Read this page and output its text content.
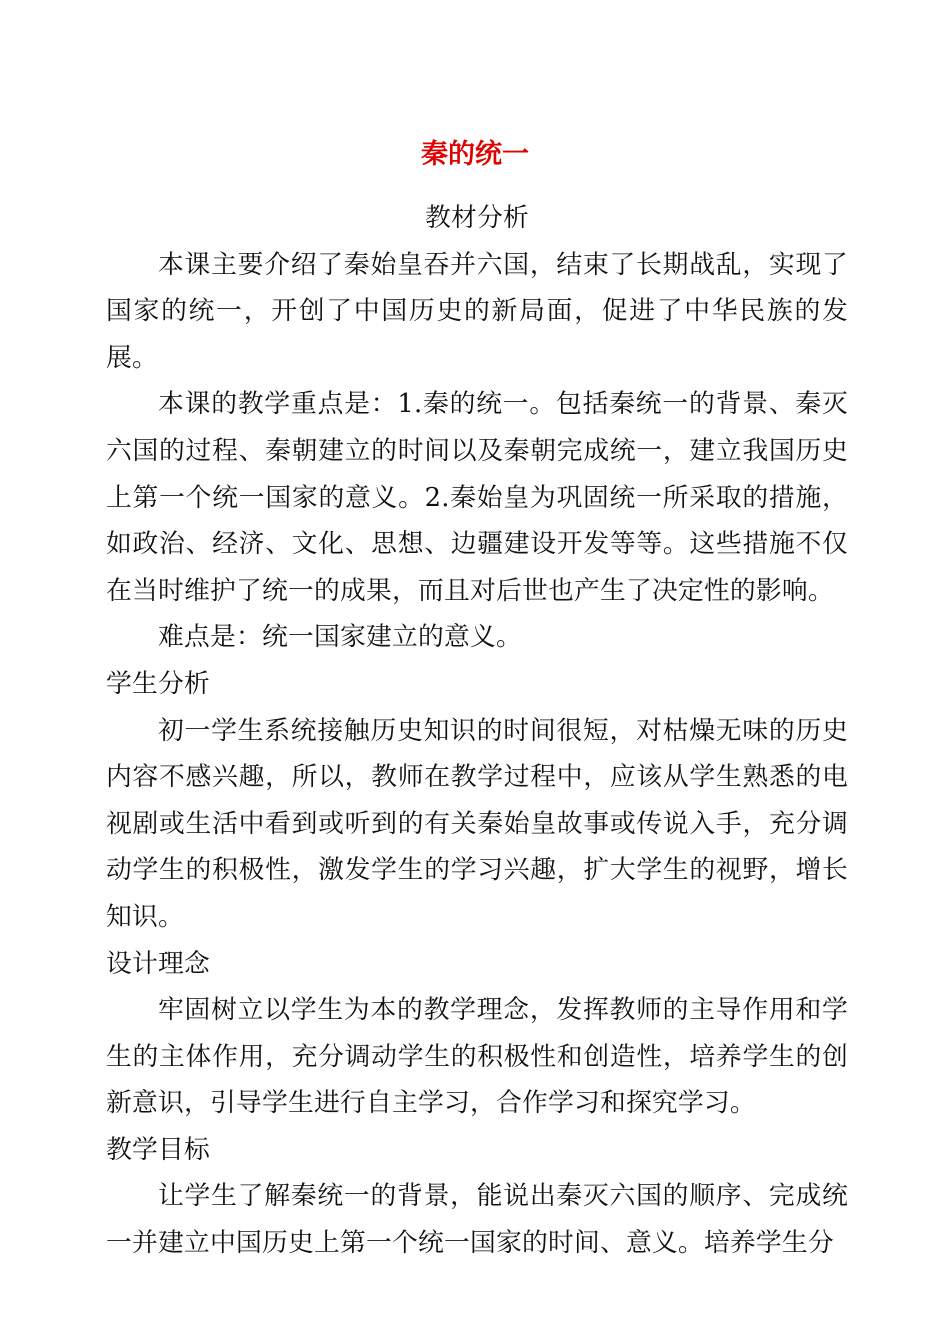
秦的统一

教材分析

本课主要介绍了秦始皇吞并六国，结束了长期战乱，实现了国家的统一，开创了中国历史的新局面，促进了中华民族的发展。

本课的教学重点是：1.秦的统一。包括秦统一的背景、秦灭六国的过程、秦朝建立的时间以及秦朝完成统一，建立我国历史上第一个统一国家的意义。2.秦始皇为巩固统一所采取的措施，如政治、经济、文化、思想、边疆建设开发等等。这些措施不仅在当时维护了统一的成果，而且对后世也产生了决定性的影响。

难点是：统一国家建立的意义。

学生分析

初一学生系统接触历史知识的时间很短，对枯燥无味的历史内容不感兴趣，所以，教师在教学过程中，应该从学生熟悉的电视剧或生活中看到或听到的有关秦始皇故事或传说入手，充分调动学生的积极性，激发学生的学习兴趣，扩大学生的视野，增长知识。

设计理念

牢固树立以学生为本的教学理念，发挥教师的主导作用和学生的主体作用，充分调动学生的积极性和创造性，培养学生的创新意识，引导学生进行自主学习，合作学习和探究学习。

教学目标

让学生了解秦统一的背景，能说出秦灭六国的顺序、完成统一并建立中国历史上第一个统一国家的时间、意义。培养学生分
